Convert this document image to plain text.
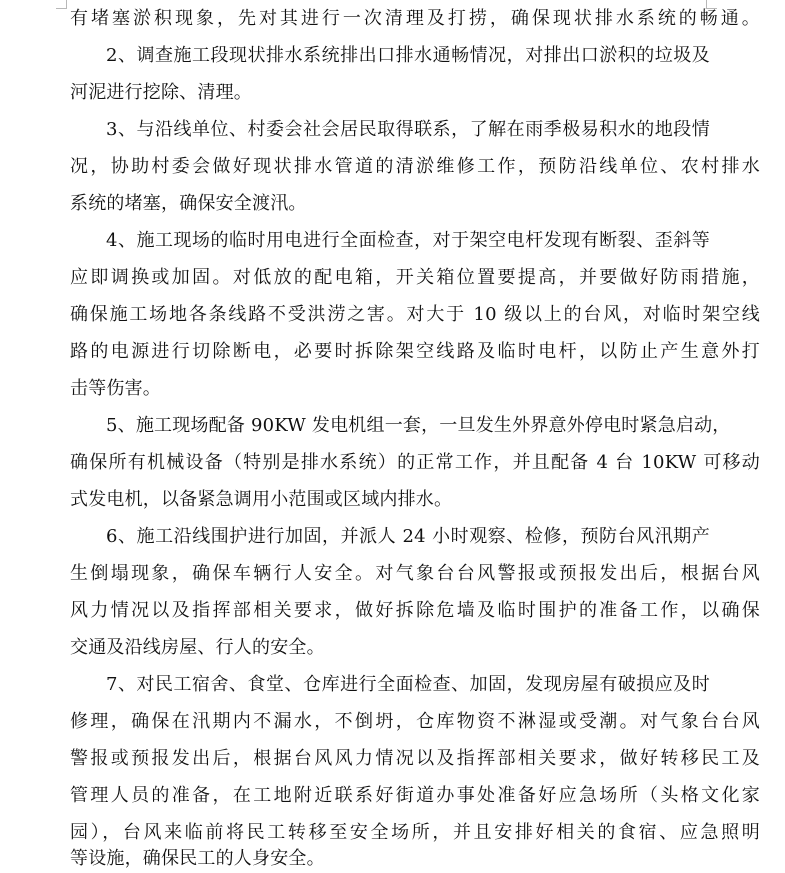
有堵塞淤积现象，先对其进行一次清理及打捞，确保现状排水系统的畅通。
2、调查施工段现状排水系统排出口排水通畅情况，对排出口淤积的垃圾及
河泥进行挖除、清理。
3、与沿线单位、村委会社会居民取得联系，了解在雨季极易积水的地段情
况，协助村委会做好现状排水管道的清淤维修工作，预防沿线单位、农村排水
系统的堵塞，确保安全渡汛。
4、施工现场的临时用电进行全面检查，对于架空电杆发现有断裂、歪斜等
应即调换或加固。对低放的配电箱，开关箱位置要提高，并要做好防雨措施，
确保施工场地各条线路不受洪涝之害。对大于 10 级以上的台风，对临时架空线
路的电源进行切除断电，必要时拆除架空线路及临时电杆，以防止产生意外打
击等伤害。
5、施工现场配备 90KW 发电机组一套，一旦发生外界意外停电时紧急启动，
确保所有机械设备（特别是排水系统）的正常工作，并且配备 4 台 10KW 可移动
式发电机，以备紧急调用小范围或区域内排水。
6、施工沿线围护进行加固，并派人 24 小时观察、检修，预防台风汛期产
生倒塌现象，确保车辆行人安全。对气象台台风警报或预报发出后，根据台风
风力情况以及指挥部相关要求，做好拆除危墙及临时围护的准备工作，以确保
交通及沿线房屋、行人的安全。
7、对民工宿舍、食堂、仓库进行全面检查、加固，发现房屋有破损应及时
修理，确保在汛期内不漏水，不倒坍，仓库物资不淋湿或受潮。对气象台台风
警报或预报发出后，根据台风风力情况以及指挥部相关要求，做好转移民工及
管理人员的准备，在工地附近联系好街道办事处准备好应急场所（头格文化家
园），台风来临前将民工转移至安全场所，并且安排好相关的食宿、应急照明
等设施，确保民工的人身安全。
